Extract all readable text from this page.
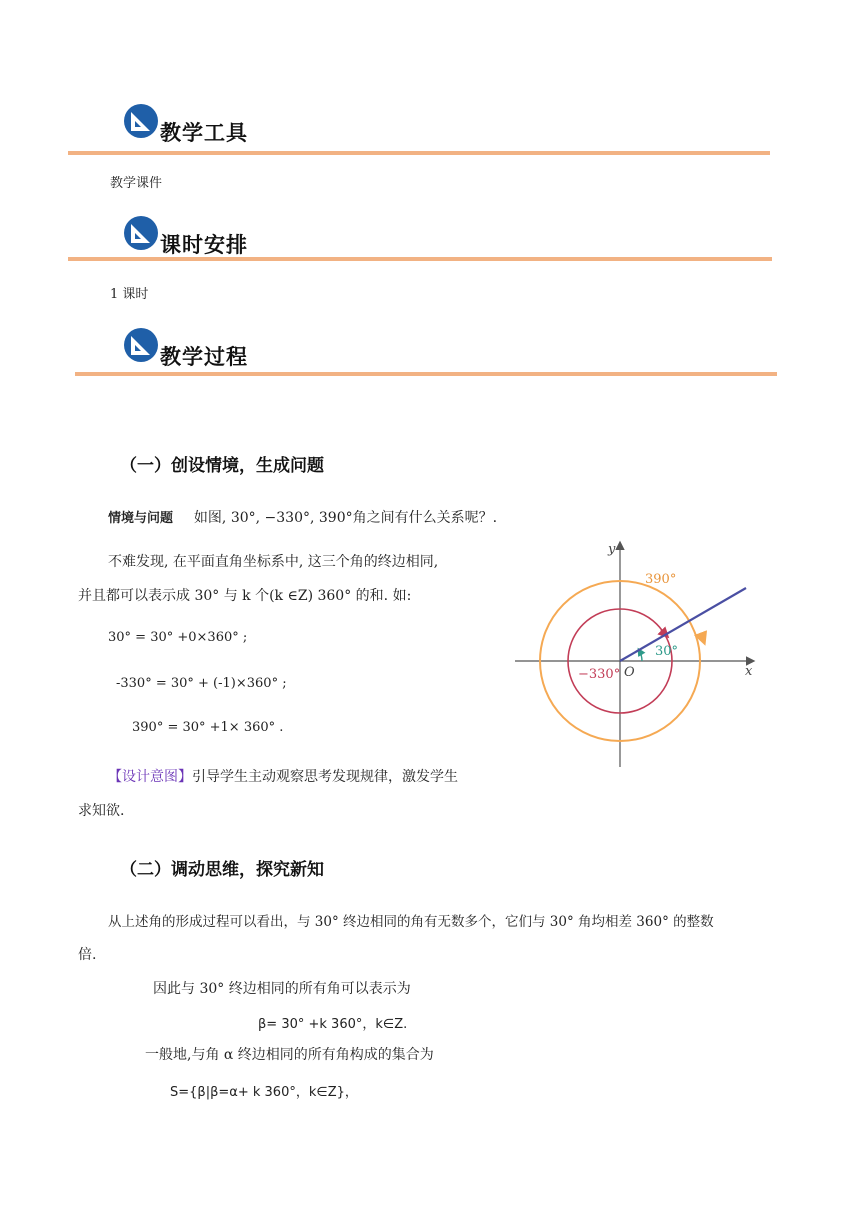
教学工具
教学课件
课时安排
1 课时
教学过程
（一）创设情境，生成问题
情境与问题 如图, 30°, −330°, 390°角之间有什么关系呢？.
不难发现, 在平面直角坐标系中, 这三个角的终边相同,
并且都可以表示成 30° 与 k 个(k ∈Z) 360° 的和. 如:
30° = 30° +0×360° ;
-330° = 30° + (-1)×360° ;
390° = 30° +1× 360° .
【设计意图】引导学生主动观察思考发现规律，激发学生
求知欲.
y
x
O
390°
30°
−330°
（二）调动思维，探究新知
从上述角的形成过程可以看出，与 30° 终边相同的角有无数多个，它们与 30° 角均相差 360° 的整数
倍.
因此与 30° 终边相同的所有角可以表示为
β= 30° +k 360°，k∈Z.
一般地,与角 α 终边相同的所有角构成的集合为
S={β|β=α+ k 360°，k∈Z}，
